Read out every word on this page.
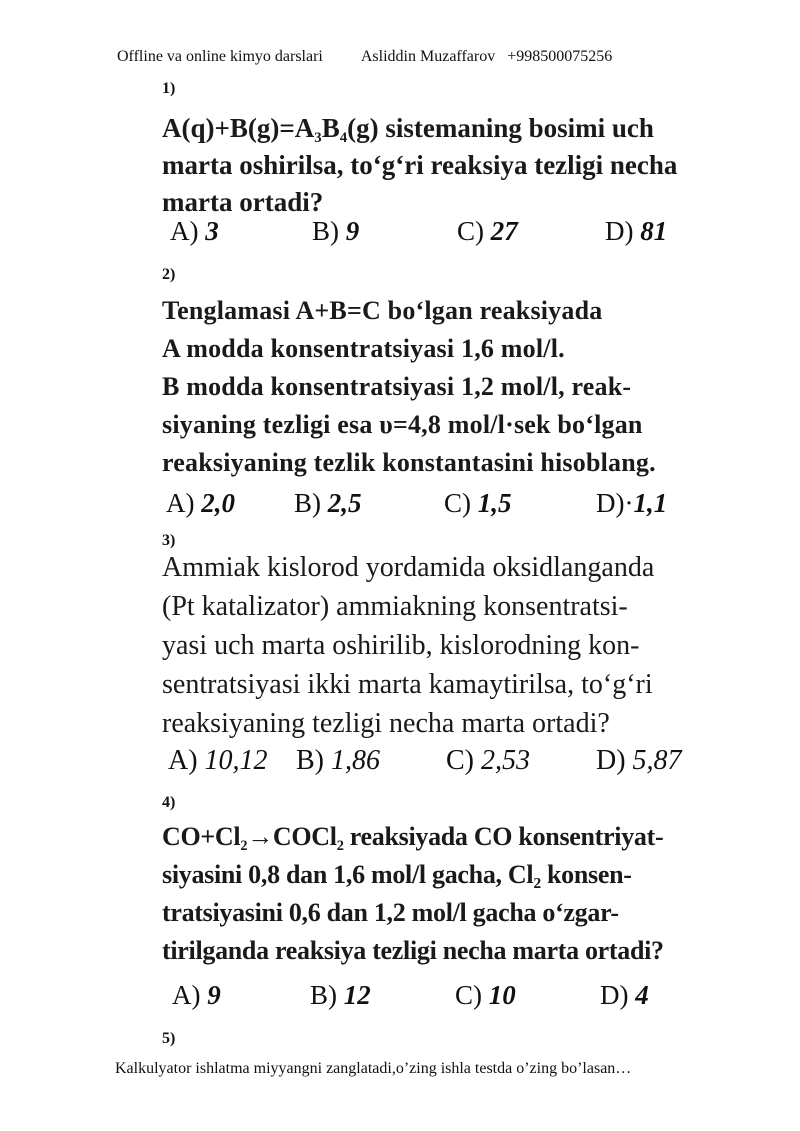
Offline va online kimyo darslari Asliddin Muzaffarov +998500075256
1)

$A(q)+B(g)=A_3B_4(g)$ sistemaning bosimi uch

marta oshirilsa, to‘g‘ri reaksiya tezligi necha

marta ortadi?

A) 3	B) 9	C) 27	D) 81
2)

Tenglamasi A+B=C bo‘lgan reaksiyada

A modda konsentratsiyasi 1,6 mol/l.

B modda konsentratsiyasi 1,2 mol/l, reak-

siyaning tezligi esa υ=4,8 mol/l·sek bo‘lgan

reaksiyaning tezlik konstantasini hisoblang.

A) 2,0	B) 2,5	C) 1,5	D)·1,1
3)

Ammiak kislorod yordamida oksidlanganda

(Pt katalizator) ammiakning konsentratsi-

yasi uch marta oshirilib, kislorodning kon-

sentratsiyasi ikki marta kamaytirilsa, to‘g‘ri

reaksiyaning tezligi necha marta ortadi?

A) 10,12	B) 1,86	C) 2,53	D) 5,87
4)

$CO+Cl_2\to COCl_2$ reaksiyada CO konsentriyat-

siyasini 0,8 dan 1,6 mol/l gacha, Cl₂ konsen-

tratsiyasini 0,6 dan 1,2 mol/l gacha o‘zgar-

tirilganda reaksiya tezligi necha marta ortadi?

A) 9	B) 12	C) 10	D) 4
5)
Kalkulyator ishlatma miyyangni zanglatadi,o’zing ishla testda o’zing bo’lasan…
